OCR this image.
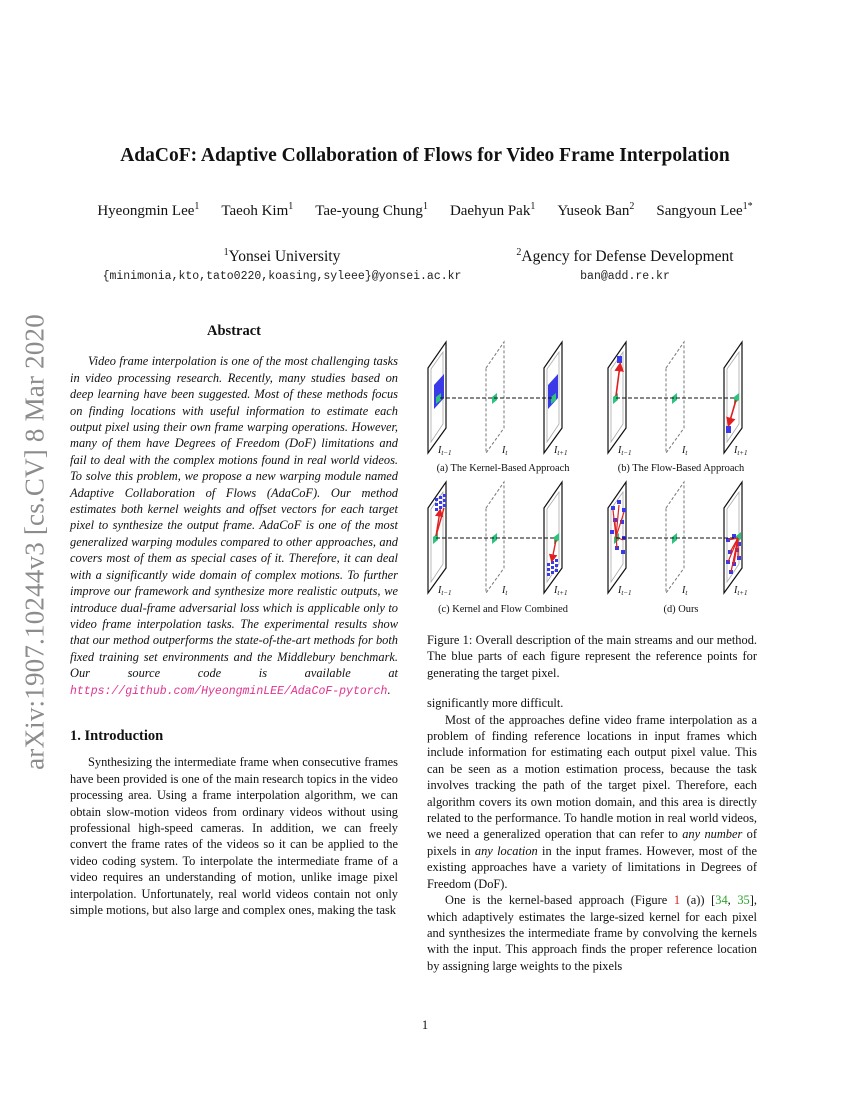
arXiv:1907.10244v3 [cs.CV] 8 Mar 2020
AdaCoF: Adaptive Collaboration of Flows for Video Frame Interpolation
Hyeongmin Lee$^1$ Taeoh Kim$^1$ Tae-young Chung$^1$ Daehyun Pak$^1$ Yuseok Ban$^2$ Sangyoun Lee$^{1*}$
$^1$Yonsei University
{minimonia,kto,tato0220,koasing,syleee}@yonsei.ac.kr
$^2$Agency for Defense Development
ban@add.re.kr
Abstract
Video frame interpolation is one of the most challenging tasks in video processing research. Recently, many studies based on deep learning have been suggested. Most of these methods focus on finding locations with useful information to estimate each output pixel using their own frame warping operations. However, many of them have Degrees of Freedom (DoF) limitations and fail to deal with the complex motions found in real world videos. To solve this problem, we propose a new warping module named Adaptive Collaboration of Flows (AdaCoF). Our method estimates both kernel weights and offset vectors for each target pixel to synthesize the output frame. AdaCoF is one of the most generalized warping modules compared to other approaches, and covers most of them as special cases of it. Therefore, it can deal with a significantly wide domain of complex motions. To further improve our framework and synthesize more realistic outputs, we introduce dual-frame adversarial loss which is applicable only to video frame interpolation tasks. The experimental results show that our method outperforms the state-of-the-art methods for both fixed training set environments and the Middlebury benchmark. Our source code is available at https://github.com/HyeongminLEE/AdaCoF-pytorch.
1. Introduction
Synthesizing the intermediate frame when consecutive frames have been provided is one of the main research topics in the video processing area. Using a frame interpolation algorithm, we can obtain slow-motion videos from ordinary videos without using professional high-speed cameras. In addition, we can freely convert the frame rates of the videos so it can be applied to the video coding system. To interpolate the intermediate frame of a video requires an understanding of motion, unlike image pixel interpolation. Unfortunately, real world videos contain not only simple motions, but also large and complex ones, making the task
$I_{t-1}$	$I_t$	$I_{t+1}$	$I_{t-1}$	$I_t$	$I_{t+1}$
$I_{t-1}$	$I_t$	$I_{t+1}$	$I_{t-1}$	$I_t$	$I_{t+1}$
(a) The Kernel-Based Approach	(b) The Flow-Based Approach
(c) Kernel and Flow Combined	(d) Ours
Figure 1: Overall description of the main streams and our method. The blue parts of each figure represent the reference points for generating the target pixel.
significantly more difficult.
Most of the approaches define video frame interpolation as a problem of finding reference locations in input frames which include information for estimating each output pixel value. This can be seen as a motion estimation process, because the task involves tracking the path of the target pixel. Therefore, each algorithm covers its own motion domain, and this area is directly related to the performance. To handle motion in real world videos, we need a generalized operation that can refer to any number of pixels in any location in the input frames. However, most of the existing approaches have a variety of limitations in Degrees of Freedom (DoF).
One is the kernel-based approach (Figure 1 (a)) [34, 35], which adaptively estimates the large-sized kernel for each pixel and synthesizes the intermediate frame by convolving the kernels with the input. This approach finds the proper reference location by assigning large weights to the pixels
1
